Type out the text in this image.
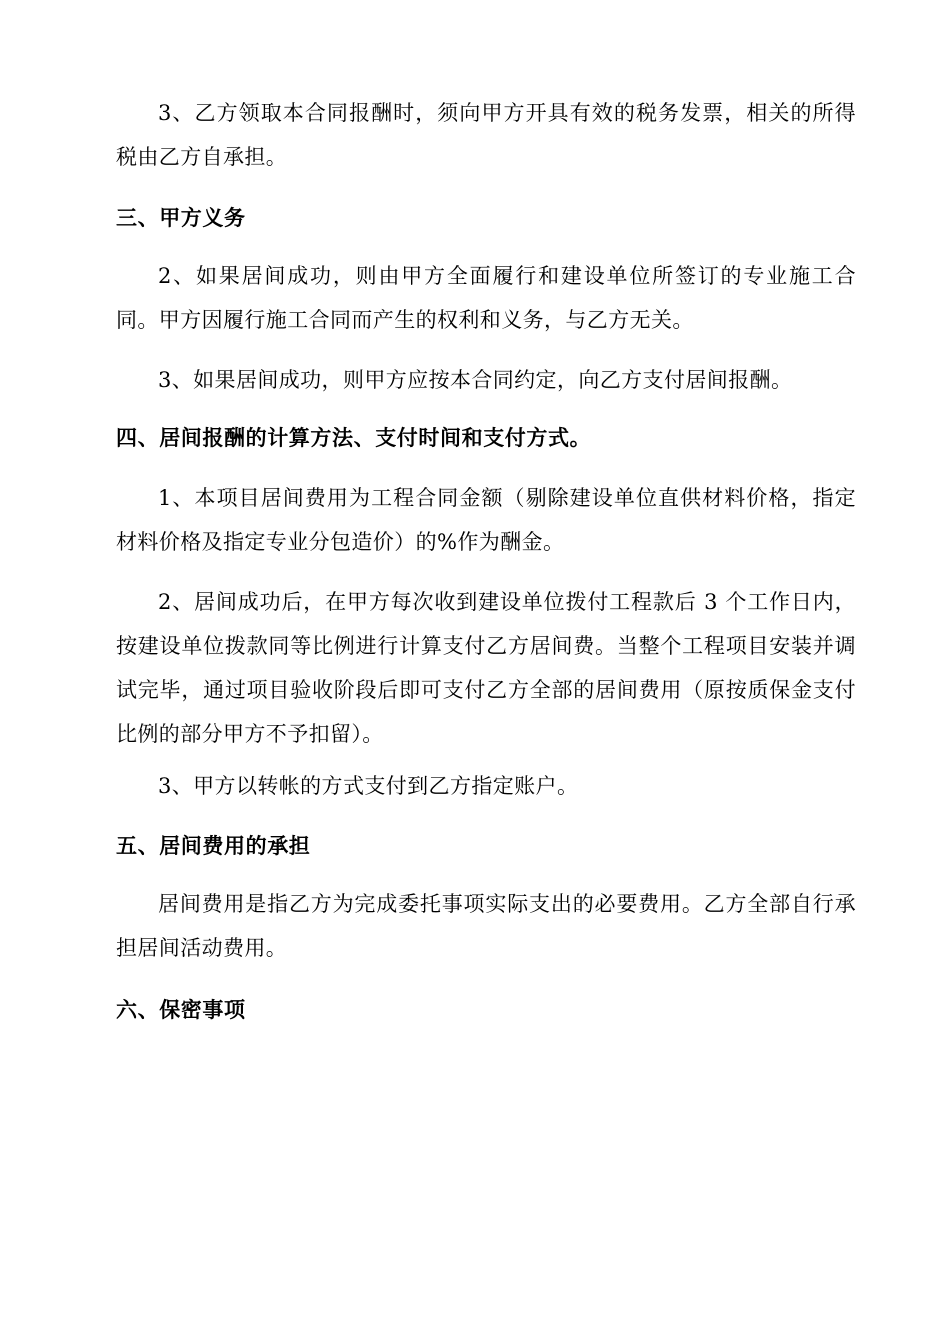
3、乙方领取本合同报酬时，须向甲方开具有效的税务发票，相关的所得税由乙方自承担。

三、甲方义务

2、如果居间成功，则由甲方全面履行和建设单位所签订的专业施工合同。甲方因履行施工合同而产生的权利和义务，与乙方无关。

3、如果居间成功，则甲方应按本合同约定，向乙方支付居间报酬。

四、居间报酬的计算方法、支付时间和支付方式。

1、本项目居间费用为工程合同金额（剔除建设单位直供材料价格，指定材料价格及指定专业分包造价）的%作为酬金。

2、居间成功后，在甲方每次收到建设单位拨付工程款后 3 个工作日内，按建设单位拨款同等比例进行计算支付乙方居间费。当整个工程项目安装并调试完毕，通过项目验收阶段后即可支付乙方全部的居间费用（原按质保金支付比例的部分甲方不予扣留）。

3、甲方以转帐的方式支付到乙方指定账户。

五、居间费用的承担

居间费用是指乙方为完成委托事项实际支出的必要费用。乙方全部自行承担居间活动费用。

六、保密事项
